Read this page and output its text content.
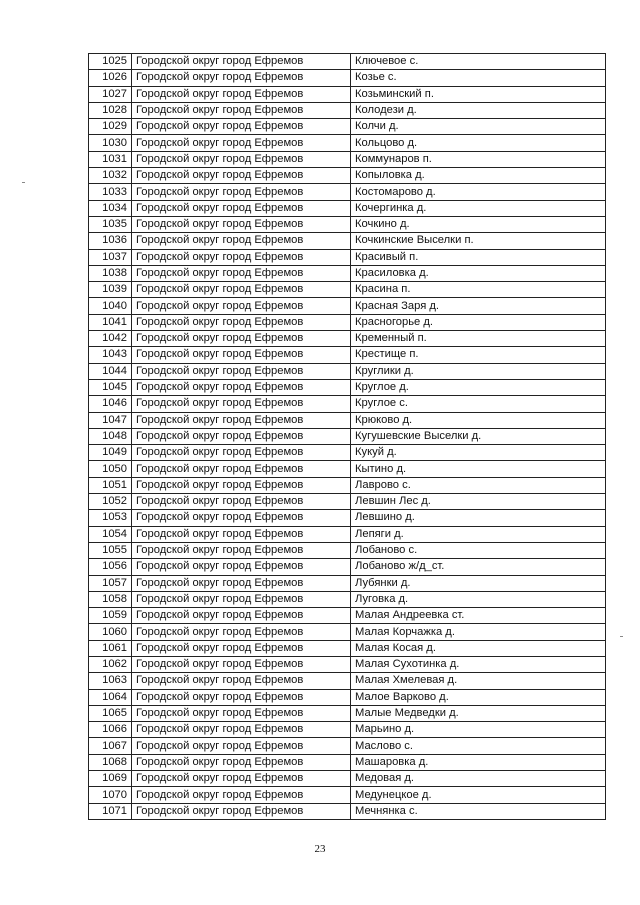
1025	Городской округ город Ефремов	Ключевое с.
1026	Городской округ город Ефремов	Козье с.
1027	Городской округ город Ефремов	Козьминский п.
1028	Городской округ город Ефремов	Колодези д.
1029	Городской округ город Ефремов	Колчи д.
1030	Городской округ город Ефремов	Кольцово д.
1031	Городской округ город Ефремов	Коммунаров п.
1032	Городской округ город Ефремов	Копыловка д.
1033	Городской округ город Ефремов	Костомарово д.
1034	Городской округ город Ефремов	Кочергинка д.
1035	Городской округ город Ефремов	Кочкино д.
1036	Городской округ город Ефремов	Кочкинские Выселки п.
1037	Городской округ город Ефремов	Красивый п.
1038	Городской округ город Ефремов	Красиловка д.
1039	Городской округ город Ефремов	Красина п.
1040	Городской округ город Ефремов	Красная Заря д.
1041	Городской округ город Ефремов	Красногорье д.
1042	Городской округ город Ефремов	Кременный п.
1043	Городской округ город Ефремов	Крестище п.
1044	Городской округ город Ефремов	Круглики д.
1045	Городской округ город Ефремов	Круглое д.
1046	Городской округ город Ефремов	Круглое с.
1047	Городской округ город Ефремов	Крюково д.
1048	Городской округ город Ефремов	Кугушевские Выселки д.
1049	Городской округ город Ефремов	Кукуй д.
1050	Городской округ город Ефремов	Кытино д.
1051	Городской округ город Ефремов	Лаврово с.
1052	Городской округ город Ефремов	Левшин Лес д.
1053	Городской округ город Ефремов	Левшино д.
1054	Городской округ город Ефремов	Лепяги д.
1055	Городской округ город Ефремов	Лобаново с.
1056	Городской округ город Ефремов	Лобаново ж/д_ст.
1057	Городской округ город Ефремов	Лубянки д.
1058	Городской округ город Ефремов	Луговка д.
1059	Городской округ город Ефремов	Малая Андреевка ст.
1060	Городской округ город Ефремов	Малая Корчажка д.
1061	Городской округ город Ефремов	Малая Косая д.
1062	Городской округ город Ефремов	Малая Сухотинка д.
1063	Городской округ город Ефремов	Малая Хмелевая д.
1064	Городской округ город Ефремов	Малое Варково д.
1065	Городской округ город Ефремов	Малые Медведки д.
1066	Городской округ город Ефремов	Марьино д.
1067	Городской округ город Ефремов	Маслово с.
1068	Городской округ город Ефремов	Машаровка д.
1069	Городской округ город Ефремов	Медовая д.
1070	Городской округ город Ефремов	Медунецкое д.
1071	Городской округ город Ефремов	Мечнянка с.
23
